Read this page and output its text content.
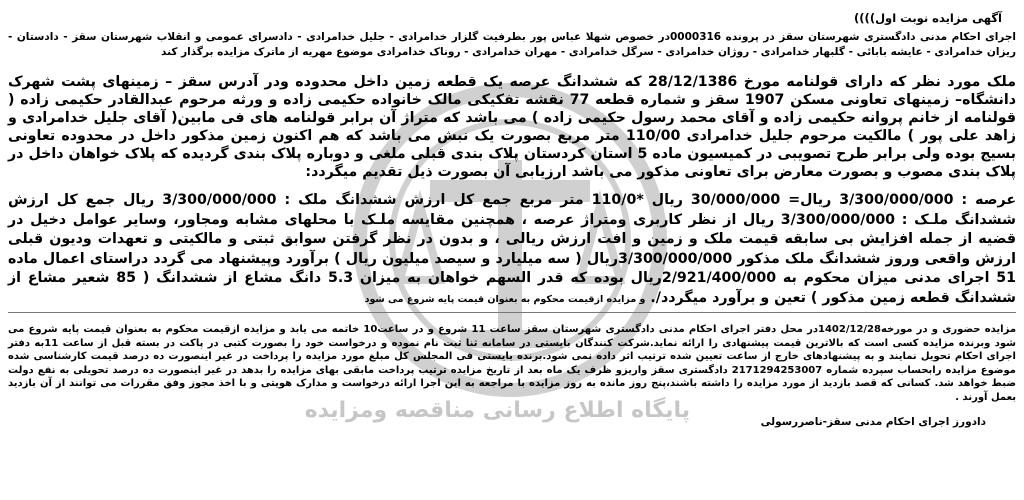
پایگاه اطلاع رسانی مناقصه ومزایده
آگهی مزایده نوبت اول))))
اجرای احکام مدنی دادگستری شهرستان سقز در پرونده 0000316در خصوص شهلا عباس پور بطرفیت گلزار خدامرادی - جلیل خدامرادی - دادسرای عمومی و انقلاب شهرستان سقز - دادستان - ریزان خدامرادی - عایشه بابائی - گلبهار خدامرادی - روژان خدامرادی - سرگل خدامرادی - مهران خدامرادی - روناک خدامرادی موضوع مهریه از ماترک مزایده برگذار کند
ملک مورد نظر که دارای قولنامه مورخ 28/12/1386 که ششدانگ عرصه یک قطعه زمین داخل محدوده ودر آدرس سقز – زمینهای پشت شهرک دانشگاه– زمینهای تعاونی مسکن 1907 سقز و شماره قطعه 77 نقشه تفکیکی مالک خانواده حکیمی زاده و ورثه مرحوم عبدالقادر حکیمی زاده ( قولنامه از خانم پروانه حکیمی زاده و آقای محمد رسول حکیمی زاده ) می باشد که متراژ آن برابر قولنامه های فی مابین( آقای جلیل خدامرادی و زاهد علی پور ) مالکیت مرحوم جلیل خدامرادی 110/00 متر مربع بصورت یک نبش می باشد که هم اکنون زمین مذکور داخل در محدوده تعاونی بسیج بوده ولی برابر طرح تصویبی در کمیسیون ماده 5 استان کردستان پلاک بندی قبلی ملغی و دوباره پلاک بندی گردیده که پلاک خواهان داخل در پلاک بندی مصوب و بصورت معارض برای تعاونی مذکور می باشد ارزیابی آن بصورت ذیل تقدیم میگردد:
عرصه : 3/300/000/000 ریال= 30/000/000 ریال *110/0 متر مربع جمع کل ارزش ششدانگ ملک : 3/300/000/000 ریال جمع کل ارزش ششدانگ ملـک : 3/300/000/000 ریال از نظر کاربری ومتراژ عرصه ، همچنین مقایسه ملـک با محلهای مشابه ومجاور، وسایر عوامل دخیل در قضیه از جمله افزایش بی سابقه قیمت ملک و زمین و افت ارزش ریالی ، و بدون در نظر گرفتن سوابق ثبتی و مالکیتی و تعهدات ودیون قبلی ارزش واقعی وروز ششدانگ ملک مذکور 3/300/000/000ریال ( سه میلیارد و سیصد میلیون ریال ) برآورد وپیشنهاد می گردد دراستای اعمال ماده 51 اجرای مدنی میزان محکوم به 2/921/400/000ریال بوده که قدر السهم خواهان به میزان 5.3 دانگ مشاع از ششدانگ ( 85 شعیر مشاع از ششدانگ قطعه زمین مذکور ) تعین و برآورد میگردد/. و مزایده ازقیمت محکوم به بعنوان قیمت پایه شروع می شود
مزایده حضوری و در مورخه1402/12/28در محل دفتر اجرای احکام مدنی دادگستری شهرستان سقز ساعت 11 شروع و در ساعت10 خاتمه می یابد و مزایده ازقیمت محکوم به بعنوان قیمت پایه شروع می شود وبرنده مزایده کسی است که بالاترین قیمت پیشنهادی را ارائه نماید.شرکت کنندگان بایستی در سامانه ثنا ثبت نام نموده و درخواست خود را بصورت کتبی در پاکت در بسته قبل از ساعت 11به دفتر اجرای احکام تحویل نمایند و به پیشنهادهای خارج از ساعت تعیین شده ترتیب اثر داده نمی شود.برنده بایستی فی المجلس کل مبلغ مورد مزایده را پرداخت در غیر اینصورت ده درصد قیمت کارشناسی شده موضوع مزایده رابحساب سپرده شماره 2171294253007 دادگستری سقز واریزو ظرف یک ماه بعد از تاریخ مزایده ترتیب پرداخت مابقی بهای مزایده را بدهد در غیر اینصورت ده درصد تحویلی به نفع دولت ضبط خواهد شد. کسانی که قصد بازدید از مورد مزایده را داشته باشند،پنج روز مانده به روز مزایده با مراجعه به این اجرا ارائه درخواست و مدارک هویتی و با اخذ مجوز وفق مقررات می توانند از آن بازدید بعمل آورند .
دادورز اجرای احکام مدنی سقز-ناصررسولی
